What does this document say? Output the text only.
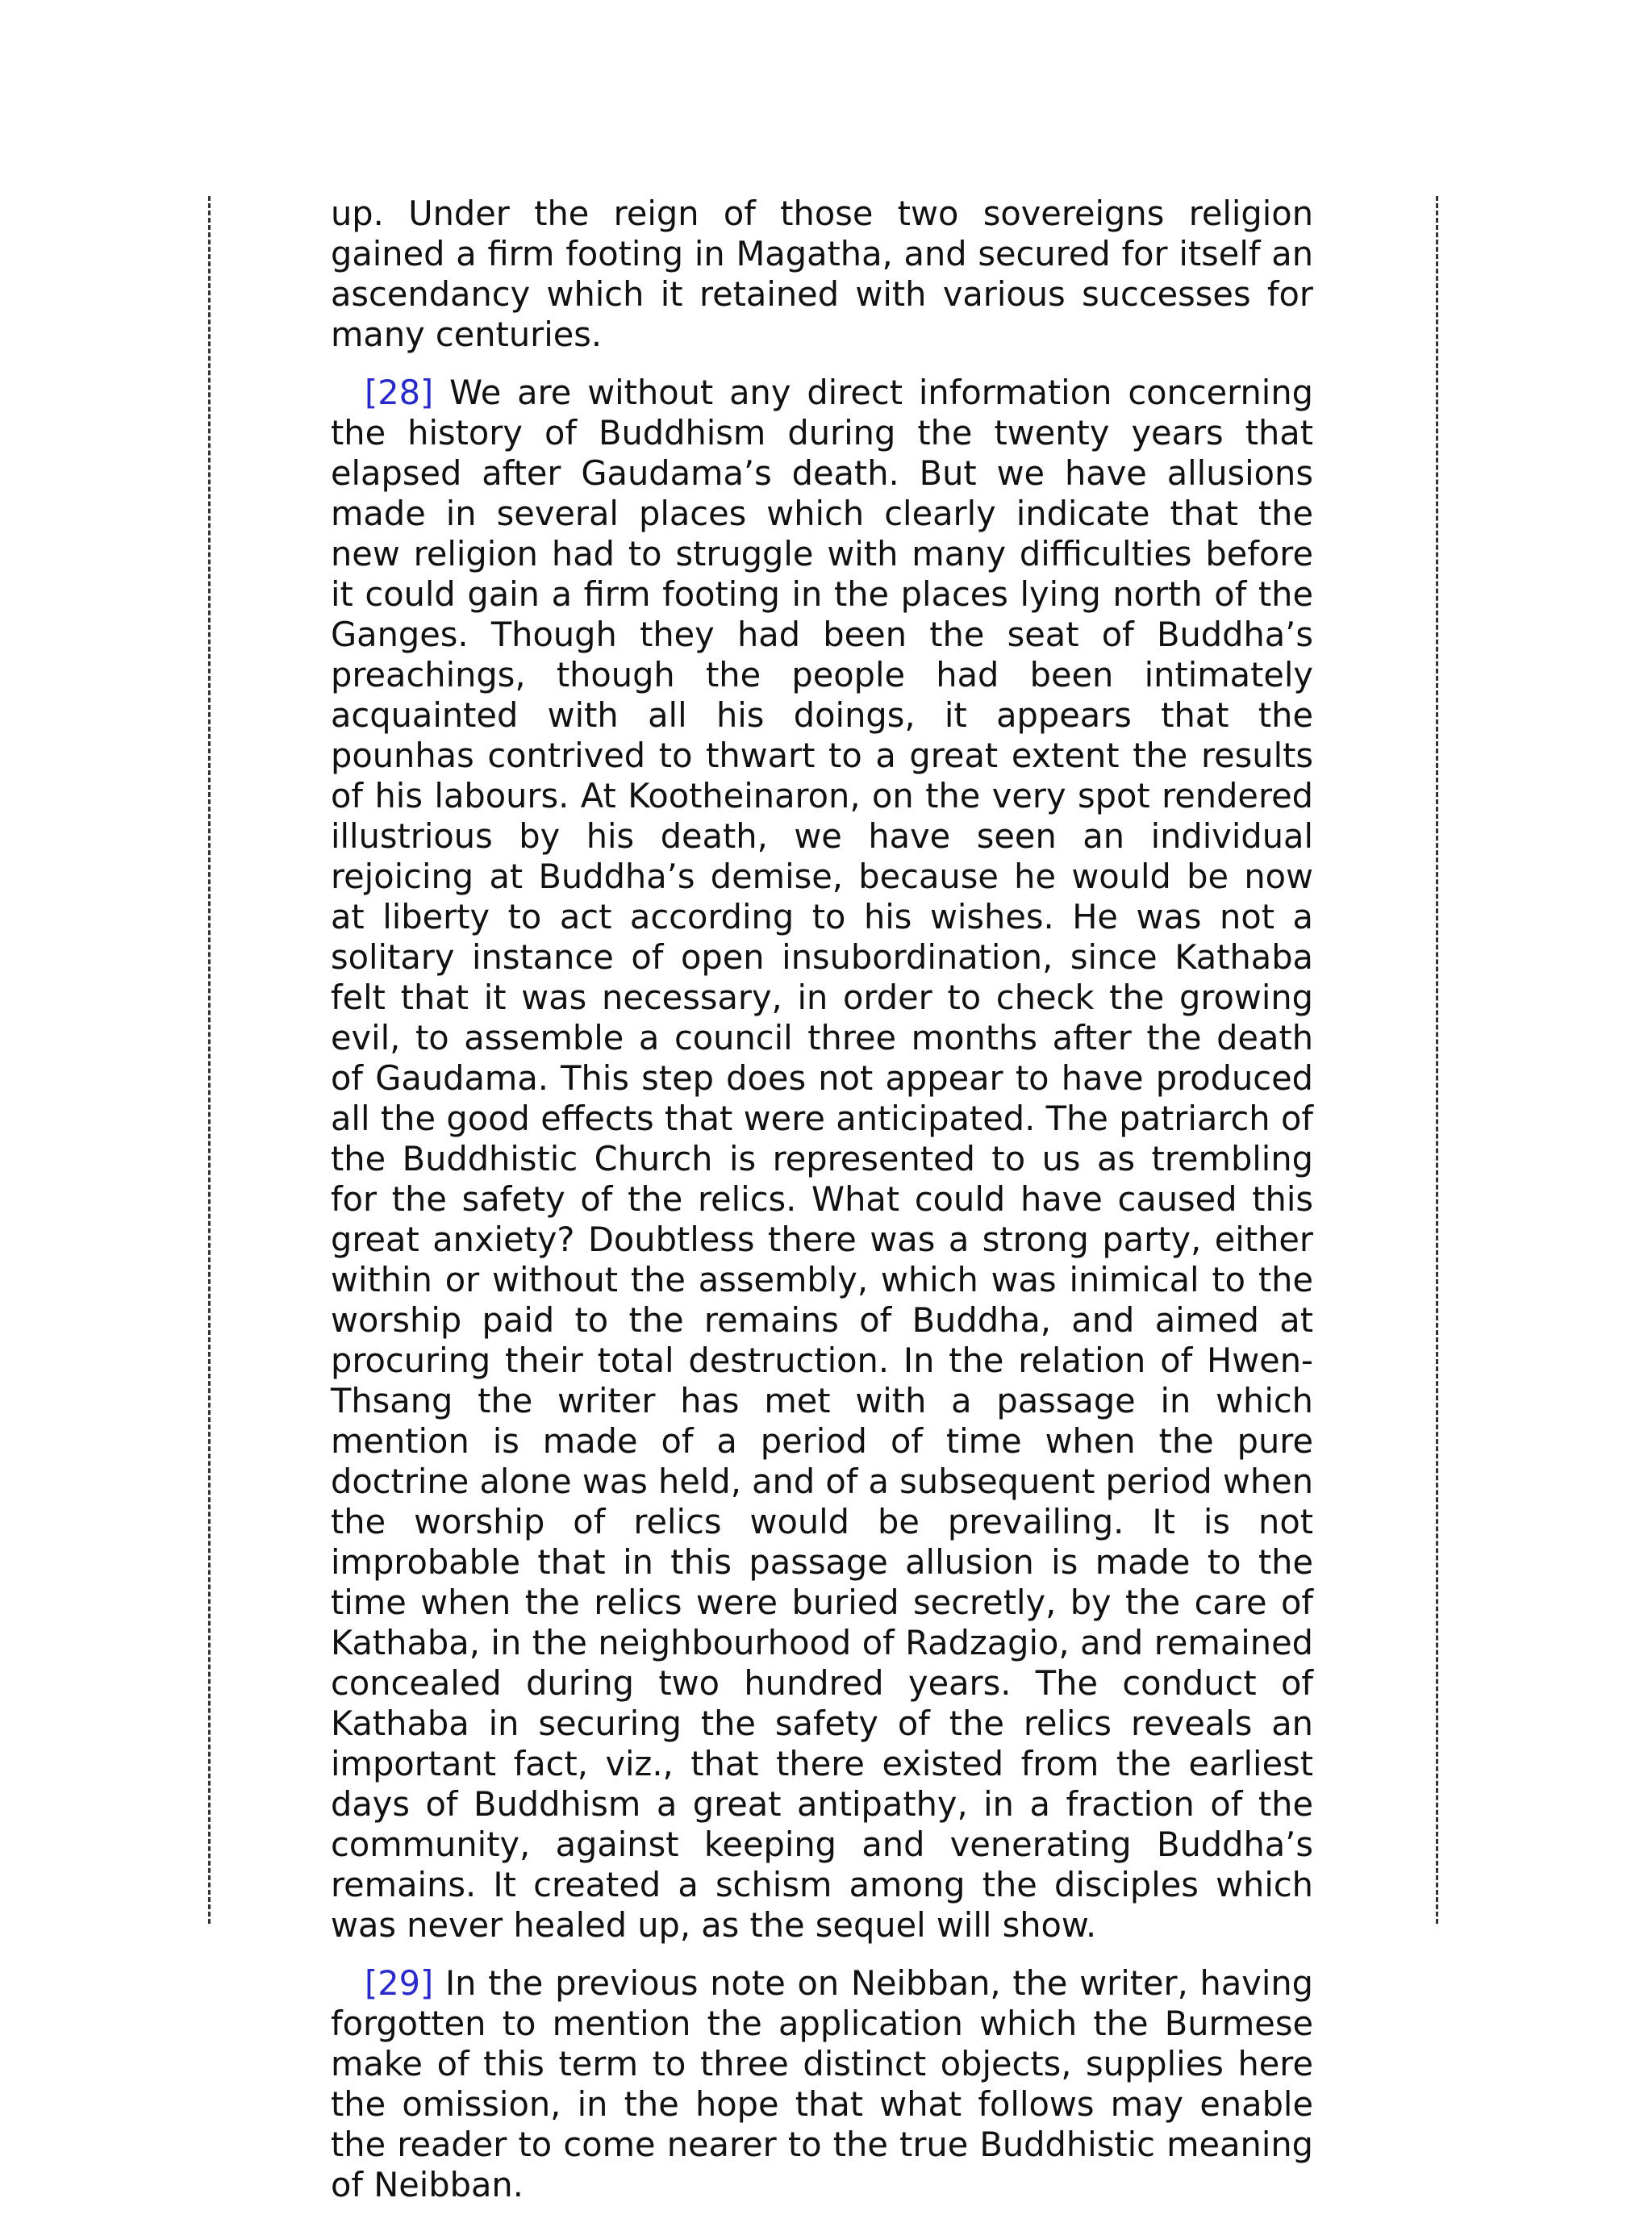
up. Under the reign of those two sovereigns religion gained a firm footing in Magatha, and secured for itself an ascendancy which it retained with various successes for many centuries.

[28] We are without any direct information concerning the history of Buddhism during the twenty years that elapsed after Gaudama’s death. But we have allusions made in several places which clearly indicate that the new religion had to struggle with many difficulties before it could gain a firm footing in the places lying north of the Ganges. Though they had been the seat of Buddha’s preachings, though the people had been intimately acquainted with all his doings, it appears that the pounhas contrived to thwart to a great extent the results of his labours. At Kootheinaron, on the very spot rendered illustrious by his death, we have seen an individual rejoicing at Buddha’s demise, because he would be now at liberty to act according to his wishes. He was not a solitary instance of open insubordination, since Kathaba felt that it was necessary, in order to check the growing evil, to assemble a council three months after the death of Gaudama. This step does not appear to have produced all the good effects that were anticipated. The patriarch of the Buddhistic Church is represented to us as trembling for the safety of the relics. What could have caused this great anxiety? Doubtless there was a strong party, either within or without the assembly, which was inimical to the worship paid to the remains of Buddha, and aimed at procuring their total destruction. In the relation of Hwen-Thsang the writer has met with a passage in which mention is made of a period of time when the pure doctrine alone was held, and of a subsequent period when the worship of relics would be prevailing. It is not improbable that in this passage allusion is made to the time when the relics were buried secretly, by the care of Kathaba, in the neighbourhood of Radzagio, and remained concealed during two hundred years. The conduct of Kathaba in securing the safety of the relics reveals an important fact, viz., that there existed from the earliest days of Buddhism a great antipathy, in a fraction of the community, against keeping and venerating Buddha’s remains. It created a schism among the disciples which was never healed up, as the sequel will show.

[29] In the previous note on Neibban, the writer, having forgotten to mention the application which the Burmese make of this term to three distinct objects, supplies here the omission, in the hope that what follows may enable the reader to come nearer to the true Buddhistic meaning of Neibban.
